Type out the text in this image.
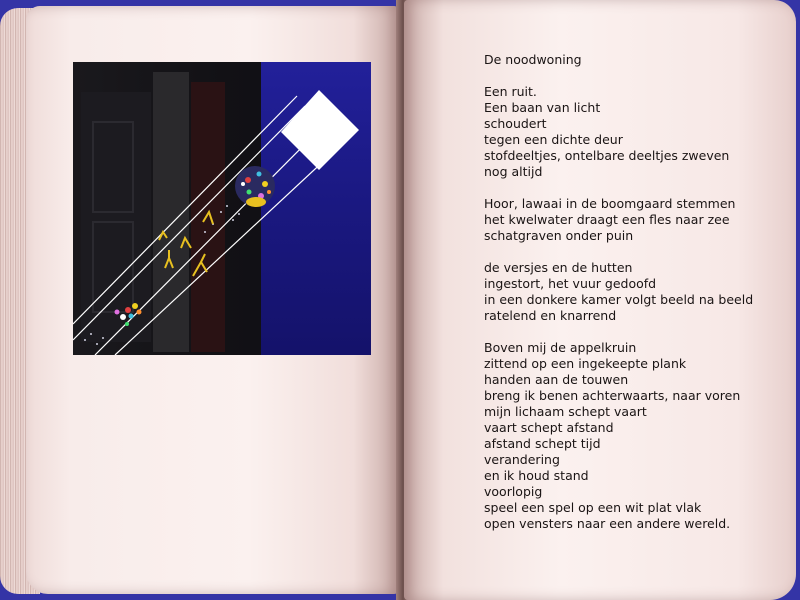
De noodwoning
Een ruit.
Een baan van licht
schoudert
tegen een dichte deur
stofdeeltjes, ontelbare deeltjes zweven
nog altijd
Hoor, lawaai in de boomgaard stemmen
het kwelwater draagt een fles naar zee
schatgraven onder puin
de versjes en de hutten
ingestort, het vuur gedoofd
in een donkere kamer volgt beeld na beeld
ratelend en knarrend
Boven mij de appelkruin
zittend op een ingekeepte plank
handen aan de touwen
breng ik benen achterwaarts, naar voren
mijn lichaam schept vaart
vaart schept afstand
afstand schept tijd
verandering
en ik houd stand
voorlopig
speel een spel op een wit plat vlak
open vensters naar een andere wereld.
